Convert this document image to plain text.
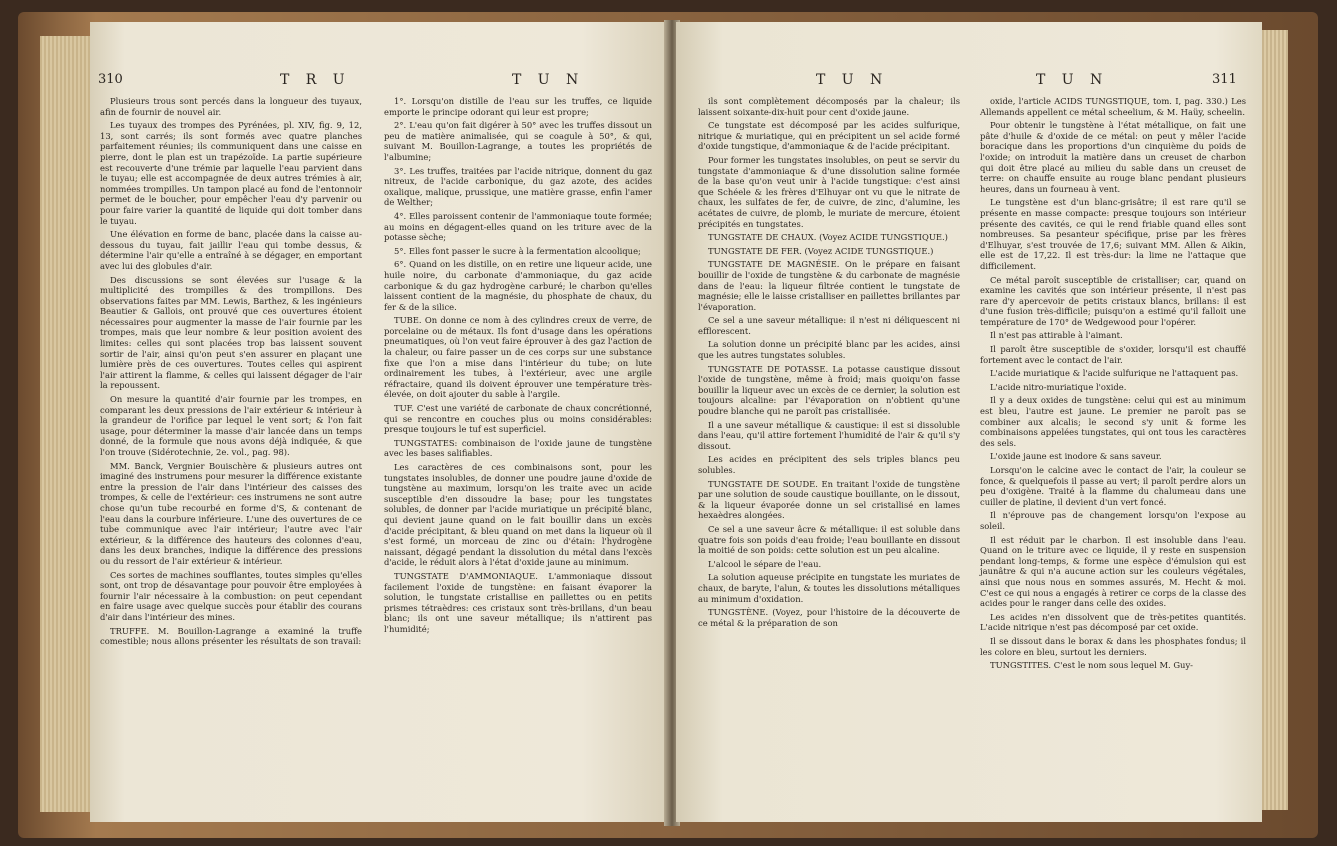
310	T R U	T U N

Plusieurs trous sont percés dans la longueur des tuyaux, afin de fournir de nouvel air.

Les tuyaux des trompes des Pyrénées, pl. XIV, fig. 9, 12, 13, sont carrés; ils sont formés avec quatre planches parfaitement réunies; ils communiquent dans une caisse en pierre, dont le plan est un trapézoïde. La partie supérieure est recouverte d'une trémie par laquelle l'eau parvient dans le tuyau; elle est accompagnée de deux autres trémies à air, nommées trompilles. Un tampon placé au fond de l'entonnoir permet de le boucher, pour empêcher l'eau d'y parvenir ou pour faire varier la quantité de liquide qui doit tomber dans le tuyau.

Une élévation en forme de banc, placée dans la caisse au-dessous du tuyau, fait jaillir l'eau qui tombe dessus, & détermine l'air qu'elle a entraîné à se dégager, en emportant avec lui des globules d'air.

Des discussions se sont élevées sur l'usage & la multiplicité des trompilles & des trompillons. Des observations faites par MM. Lewis, Barthez, & les ingénieurs Beautier & Gallois, ont prouvé que ces ouvertures étoient nécessaires pour augmenter la masse de l'air fournie par les trompes, mais que leur nombre & leur position avoient des limites: celles qui sont placées trop bas laissent souvent sortir de l'air, ainsi qu'on peut s'en assurer en plaçant une lumière près de ces ouvertures. Toutes celles qui aspirent l'air attirent la flamme, & celles qui laissent dégager de l'air la repoussent.

On mesure la quantité d'air fournie par les trompes, en comparant les deux pressions de l'air extérieur & intérieur à la grandeur de l'orifice par lequel le vent sort; & l'on fait usage, pour déterminer la masse d'air lancée dans un temps donné, de la formule que nous avons déjà indiquée, & que l'on trouve (Sidérotechnie, 2e. vol., pag. 98).

MM. Banck, Vergnier Bouischère & plusieurs autres ont imaginé des instrumens pour mesurer la différence existante entre la pression de l'air dans l'intérieur des caisses des trompes, & celle de l'extérieur: ces instrumens ne sont autre chose qu'un tube recourbé en forme d'S, & contenant de l'eau dans la courbure inférieure. L'une des ouvertures de ce tube communique avec l'air intérieur; l'autre avec l'air extérieur, & la différence des hauteurs des colonnes d'eau, dans les deux branches, indique la différence des pressions ou du ressort de l'air extérieur & intérieur.

Ces sortes de machines soufflantes, toutes simples qu'elles sont, ont trop de désavantage pour pouvoir être employées à fournir l'air nécessaire à la combustion: on peut cependant en faire usage avec quelque succès pour établir des courans d'air dans l'intérieur des mines.

TRUFFE. M. Bouillon-Lagrange a examiné la truffe comestible; nous allons présenter les résultats de son travail:

1°. Lorsqu'on distille de l'eau sur les truffes, ce liquide emporte le principe odorant qui leur est propre;

2°. L'eau qu'on fait digérer à 50° avec les truffes dissout un peu de matière animalisée, qui se coagule à 50°, & qui, suivant M. Bouillon-Lagrange, a toutes les propriétés de l'albumine;

3°. Les truffes, traitées par l'acide nitrique, donnent du gaz nitreux, de l'acide carbonique, du gaz azote, des acides oxalique, malique, prussique, une matière grasse, enfin l'amer de Welther;

4°. Elles paroissent contenir de l'ammoniaque toute formée; au moins en dégagent-elles quand on les triture avec de la potasse sèche;

5°. Elles font passer le sucre à la fermentation alcoolique;

6°. Quand on les distille, on en retire une liqueur acide, une huile noire, du carbonate d'ammoniaque, du gaz acide carbonique & du gaz hydrogène carburé; le charbon qu'elles laissent contient de la magnésie, du phosphate de chaux, du fer & de la silice.

TUBE. On donne ce nom à des cylindres creux de verre, de porcelaine ou de métaux. Ils font d'usage dans les opérations pneumatiques, où l'on veut faire éprouver à des gaz l'action de la chaleur, ou faire passer un de ces corps sur une substance fixe que l'on a mise dans l'intérieur du tube; on lute ordinairement les tubes, à l'extérieur, avec une argile réfractaire, quand ils doivent éprouver une température très-élevée, on doit ajouter du sable à l'argile.

TUF. C'est une variété de carbonate de chaux concrétionné, qui se rencontre en couches plus ou moins considérables: presque toujours le tuf est superficiel.

TUNGSTATES: combinaison de l'oxide jaune de tungstène avec les bases salifiables.

Les caractères de ces combinaisons sont, pour les tungstates insolubles, de donner une poudre jaune d'oxide de tungstène au maximum, lorsqu'on les traite avec un acide susceptible d'en dissoudre la base; pour les tungstates solubles, de donner par l'acide muriatique un précipité blanc, qui devient jaune quand on le fait bouillir dans un excès d'acide précipitant, & bleu quand on met dans la liqueur où il s'est formé, un morceau de zinc ou d'étain: l'hydrogène naissant, dégagé pendant la dissolution du métal dans l'excès d'acide, le réduit alors à l'état d'oxide jaune au minimum.

TUNGSTATE D'AMMONIAQUE. L'ammoniaque dissout facilement l'oxide de tungstène: en faisant évaporer la solution, le tungstate cristallise en paillettes ou en petits prismes tétraèdres: ces cristaux sont très-brillans, d'un beau blanc; ils ont une saveur métallique; ils n'attirent pas l'humidité;

T U N	T U N	311

ils sont complètement décomposés par la chaleur; ils laissent soixante-dix-huit pour cent d'oxide jaune.

Ce tungstate est décomposé par les acides sulfurique, nitrique & muriatique, qui en précipitent un sel acide formé d'oxide tungstique, d'ammoniaque & de l'acide précipitant.

Pour former les tungstates insolubles, on peut se servir du tungstate d'ammoniaque & d'une dissolution saline formée de la base qu'on veut unir à l'acide tungstique: c'est ainsi que Schéele & les frères d'Elhuyar ont vu que le nitrate de chaux, les sulfates de fer, de cuivre, de zinc, d'alumine, les acétates de cuivre, de plomb, le muriate de mercure, étoient précipités en tungstates.

TUNGSTATE DE CHAUX. (Voyez ACIDE TUNGSTIQUE.)

TUNGSTATE DE FER. (Voyez ACIDE TUNGSTIQUE.)

TUNGSTATE DE MAGNÉSIE. On le prépare en faisant bouillir de l'oxide de tungstène & du carbonate de magnésie dans de l'eau: la liqueur filtrée contient le tungstate de magnésie; elle le laisse cristalliser en paillettes brillantes par l'évaporation.

Ce sel a une saveur métallique: il n'est ni déliquescent ni efflorescent.

La solution donne un précipité blanc par les acides, ainsi que les autres tungstates solubles.

TUNGSTATE DE POTASSE. La potasse caustique dissout l'oxide de tungstène, même à froid; mais quoiqu'on fasse bouillir la liqueur avec un excès de ce dernier, la solution est toujours alcaline: par l'évaporation on n'obtient qu'une poudre blanche qui ne paroît pas cristallisée.

Il a une saveur métallique & caustique: il est si dissoluble dans l'eau, qu'il attire fortement l'humidité de l'air & qu'il s'y dissout.

Les acides en précipitent des sels triples blancs peu solubles.

TUNGSTATE DE SOUDE. En traitant l'oxide de tungstène par une solution de soude caustique bouillante, on le dissout, & la liqueur évaporée donne un sel cristallisé en lames hexaèdres alongées.

Ce sel a une saveur âcre & métallique: il est soluble dans quatre fois son poids d'eau froide; l'eau bouillante en dissout la moitié de son poids: cette solution est un peu alcaline.

L'alcool le sépare de l'eau.

La solution aqueuse précipite en tungstate les muriates de chaux, de baryte, l'alun, & toutes les dissolutions métalliques au minimum d'oxidation.

TUNGSTÈNE. (Voyez, pour l'histoire de la découverte de ce métal & la préparation de son

oxide, l'article ACIDS TUNGSTIQUE, tom. I, pag. 330.) Les Allemands appellent ce métal scheelium, & M. Haüy, scheelin.

Pour obtenir le tungstène à l'état métallique, on fait une pâte d'huile & d'oxide de ce métal: on peut y mêler l'acide boracique dans les proportions d'un cinquième du poids de l'oxide; on introduit la matière dans un creuset de charbon qui doit être placé au milieu du sable dans un creuset de terre: on chauffe ensuite au rouge blanc pendant plusieurs heures, dans un fourneau à vent.

Le tungstène est d'un blanc-grisâtre; il est rare qu'il se présente en masse compacte: presque toujours son intérieur présente des cavités, ce qui le rend friable quand elles sont nombreuses. Sa pesanteur spécifique, prise par les frères d'Elhuyar, s'est trouvée de 17,6; suivant MM. Allen & Aikin, elle est de 17,22. Il est très-dur: la lime ne l'attaque que difficilement.

Ce métal paroît susceptible de cristalliser; car, quand on examine les cavités que son intérieur présente, il n'est pas rare d'y apercevoir de petits cristaux blancs, brillans: il est d'une fusion très-difficile; puisqu'on a estimé qu'il falloit une température de 170° de Wedgewood pour l'opérer.

Il n'est pas attirable à l'aimant.

Il paroît être susceptible de s'oxider, lorsqu'il est chauffé fortement avec le contact de l'air.

L'acide muriatique & l'acide sulfurique ne l'attaquent pas.

L'acide nitro-muriatique l'oxide.

Il y a deux oxides de tungstène: celui qui est au minimum est bleu, l'autre est jaune. Le premier ne paroît pas se combiner aux alcalis; le second s'y unit & forme les combinaisons appelées tungstates, qui ont tous les caractères des sels.

L'oxide jaune est inodore & sans saveur.

Lorsqu'on le calcine avec le contact de l'air, la couleur se fonce, & quelquefois il passe au vert; il paroît perdre alors un peu d'oxigène. Traité à la flamme du chalumeau dans une cuiller de platine, il devient d'un vert foncé.

Il n'éprouve pas de changement lorsqu'on l'expose au soleil.

Il est réduit par le charbon. Il est insoluble dans l'eau. Quand on le triture avec ce liquide, il y reste en suspension pendant long-temps, & forme une espèce d'émulsion qui est jaunâtre & qui n'a aucune action sur les couleurs végétales, ainsi que nous nous en sommes assurés, M. Hecht & moi. C'est ce qui nous a engagés à retirer ce corps de la classe des acides pour le ranger dans celle des oxides.

Les acides n'en dissolvent que de très-petites quantités. L'acide nitrique n'est pas décomposé par cet oxide.

Il se dissout dans le borax & dans les phosphates fondus; il les colore en bleu, surtout les derniers.

TUNGSTITES. C'est le nom sous lequel M. Guy-
